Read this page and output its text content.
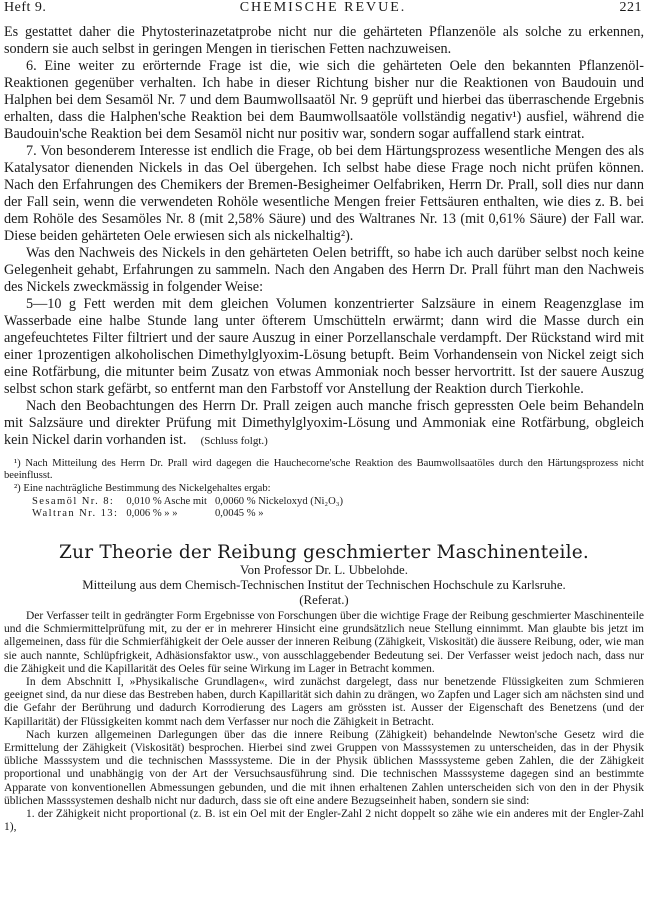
Heft 9.	CHEMISCHE REVUE.	221

Es gestattet daher die Phytosterinazetatprobe nicht nur die gehärteten Pflanzenöle als solche zu erkennen, sondern sie auch selbst in geringen Mengen in tierischen Fetten nachzuweisen.

6. Eine weiter zu erörternde Frage ist die, wie sich die gehärteten Oele den bekannten Pflanzenöl-Reaktionen gegenüber verhalten. Ich habe in dieser Richtung bisher nur die Reaktionen von Baudouin und Halphen bei dem Sesamöl Nr. 7 und dem Baumwollsaatöl Nr. 9 geprüft und hierbei das überraschende Ergebnis erhalten, dass die Halphen'sche Reaktion bei dem Baumwollsaatöle vollständig negativ¹) ausfiel, während die Baudouin'sche Reaktion bei dem Sesamöl nicht nur positiv war, sondern sogar auffallend stark eintrat.

7. Von besonderem Interesse ist endlich die Frage, ob bei dem Härtungsprozess wesentliche Mengen des als Katalysator dienenden Nickels in das Oel übergehen. Ich selbst habe diese Frage noch nicht prüfen können. Nach den Erfahrungen des Chemikers der Bremen-Besigheimer Oelfabriken, Herrn Dr. Prall, soll dies nur dann der Fall sein, wenn die verwendeten Rohöle wesentliche Mengen freier Fettsäuren enthalten, wie dies z. B. bei dem Rohöle des Sesamöles Nr. 8 (mit 2,58% Säure) und des Waltranes Nr. 13 (mit 0,61% Säure) der Fall war. Diese beiden gehärteten Oele erwiesen sich als nickelhaltig²).

Was den Nachweis des Nickels in den gehärteten Oelen betrifft, so habe ich auch darüber selbst noch keine Gelegenheit gehabt, Erfahrungen zu sammeln. Nach den Angaben des Herrn Dr. Prall führt man den Nachweis des Nickels zweckmässig in folgender Weise:

5—10 g Fett werden mit dem gleichen Volumen konzentrierter Salzsäure in einem Reagenzglase im Wasserbade eine halbe Stunde lang unter öfterem Umschütteln erwärmt; dann wird die Masse durch ein angefeuchtetes Filter filtriert und der saure Auszug in einer Porzellanschale verdampft. Der Rückstand wird mit einer 1prozentigen alkoholischen Dimethylglyoxim-Lösung betupft. Beim Vorhandensein von Nickel zeigt sich eine Rotfärbung, die mitunter beim Zusatz von etwas Ammoniak noch besser hervortritt. Ist der sauere Auszug selbst schon stark gefärbt, so entfernt man den Farbstoff vor Anstellung der Reaktion durch Tierkohle.

Nach den Beobachtungen des Herrn Dr. Prall zeigen auch manche frisch gepressten Oele beim Behandeln mit Salzsäure und direkter Prüfung mit Dimethylglyoxim-Lösung und Ammoniak eine Rotfärbung, obgleich kein Nickel darin vorhanden ist. (Schluss folgt.)

¹) Nach Mitteilung des Herrn Dr. Prall wird dagegen die Hauchecorne'sche Reaktion des Baumwollsaatöles durch den Härtungsprozess nicht beeinflusst.

²) Eine nachträgliche Bestimmung des Nickelgehaltes ergab:

Sesamöl Nr. 8:	0,010 % Asche mit	0,0060 % Nickeloxyd (Ni₂O₃)
Waltran Nr. 13:	0,006 % » »	0,0045 % »
Zur Theorie der Reibung geschmierter Maschinenteile.
Von Professor Dr. L. Ubbelohde.
Mitteilung aus dem Chemisch-Technischen Institut der Technischen Hochschule zu Karlsruhe.
(Referat.)

Der Verfasser teilt in gedrängter Form Ergebnisse von Forschungen über die wichtige Frage der Reibung geschmierter Maschinenteile und die Schmiermittelprüfung mit, zu der er in mehrerer Hinsicht eine grundsätzlich neue Stellung einnimmt. Man glaubte bis jetzt im allgemeinen, dass für die Schmierfähigkeit der Oele ausser der inneren Reibung (Zähigkeit, Viskosität) die äussere Reibung, oder, wie man sie auch nannte, Schlüpfrigkeit, Adhäsionsfaktor usw., von ausschlaggebender Bedeutung sei. Der Verfasser weist jedoch nach, dass nur die Zähigkeit und die Kapillarität des Oeles für seine Wirkung im Lager in Betracht kommen.

In dem Abschnitt I, »Physikalische Grundlagen«, wird zunächst dargelegt, dass nur benetzende Flüssigkeiten zum Schmieren geeignet sind, da nur diese das Bestreben haben, durch Kapillarität sich dahin zu drängen, wo Zapfen und Lager sich am nächsten sind und die Gefahr der Berührung und dadurch Korrodierung des Lagers am grössten ist. Ausser der Eigenschaft des Benetzens (und der Kapillarität) der Flüssigkeiten kommt nach dem Verfasser nur noch die Zähigkeit in Betracht.

Nach kurzen allgemeinen Darlegungen über das die innere Reibung (Zähigkeit) behandelnde Newton'sche Gesetz wird die Ermittelung der Zähigkeit (Viskosität) besprochen. Hierbei sind zwei Gruppen von Masssystemen zu unterscheiden, das in der Physik übliche Masssystem und die technischen Masssysteme. Die in der Physik üblichen Masssysteme geben Zahlen, die der Zähigkeit proportional und unabhängig von der Art der Versuchsausführung sind. Die technischen Masssysteme dagegen sind an bestimmte Apparate von konventionellen Abmessungen gebunden, und die mit ihnen erhaltenen Zahlen unterscheiden sich von den in der Physik üblichen Masssystemen deshalb nicht nur dadurch, dass sie oft eine andere Bezugseinheit haben, sondern sie sind:

1. der Zähigkeit nicht proportional (z. B. ist ein Oel mit der Engler-Zahl 2 nicht doppelt so zähe wie ein anderes mit der Engler-Zahl 1),
